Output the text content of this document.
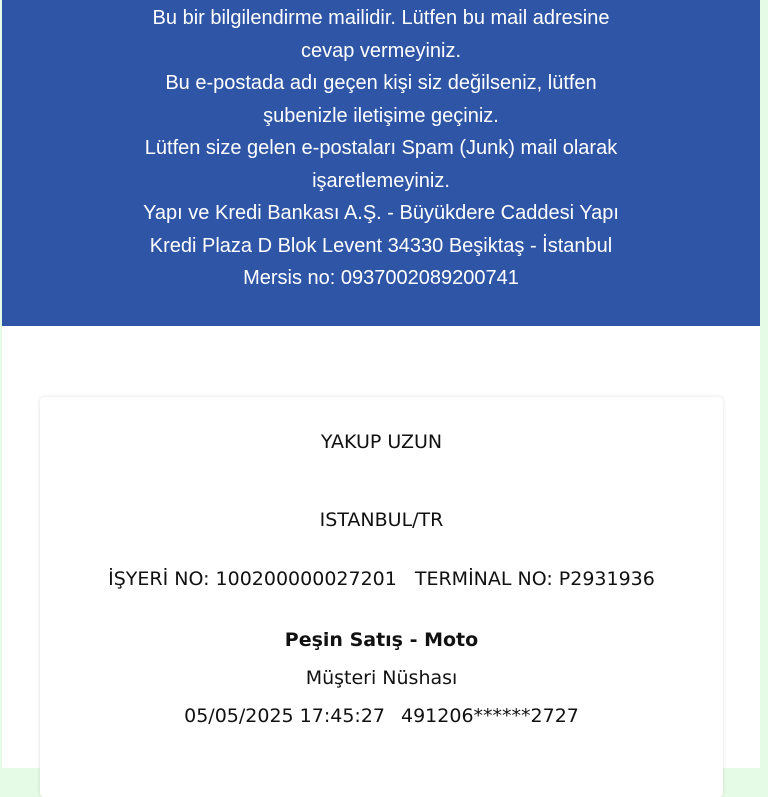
Bu bir bilgilendirme mailidir. Lütfen bu mail adresine
cevap vermeyiniz.
Bu e-postada adı geçen kişi siz değilseniz, lütfen
şubenizle iletişime geçiniz.
Lütfen size gelen e-postaları Spam (Junk) mail olarak
işaretlemeyiniz.
Yapı ve Kredi Bankası A.Ş. - Büyükdere Caddesi Yapı
Kredi Plaza D Blok Levent 34330 Beşiktaş - İstanbul
Mersis no: 0937002089200741
YAKUP UZUN
ISTANBUL/TR
İŞYERİ NO: 100200000027201 TERMİNAL NO: P2931936
Peşin Satış - Moto
Müşteri Nüshası
05/05/2025 17:45:27 491206******2727
